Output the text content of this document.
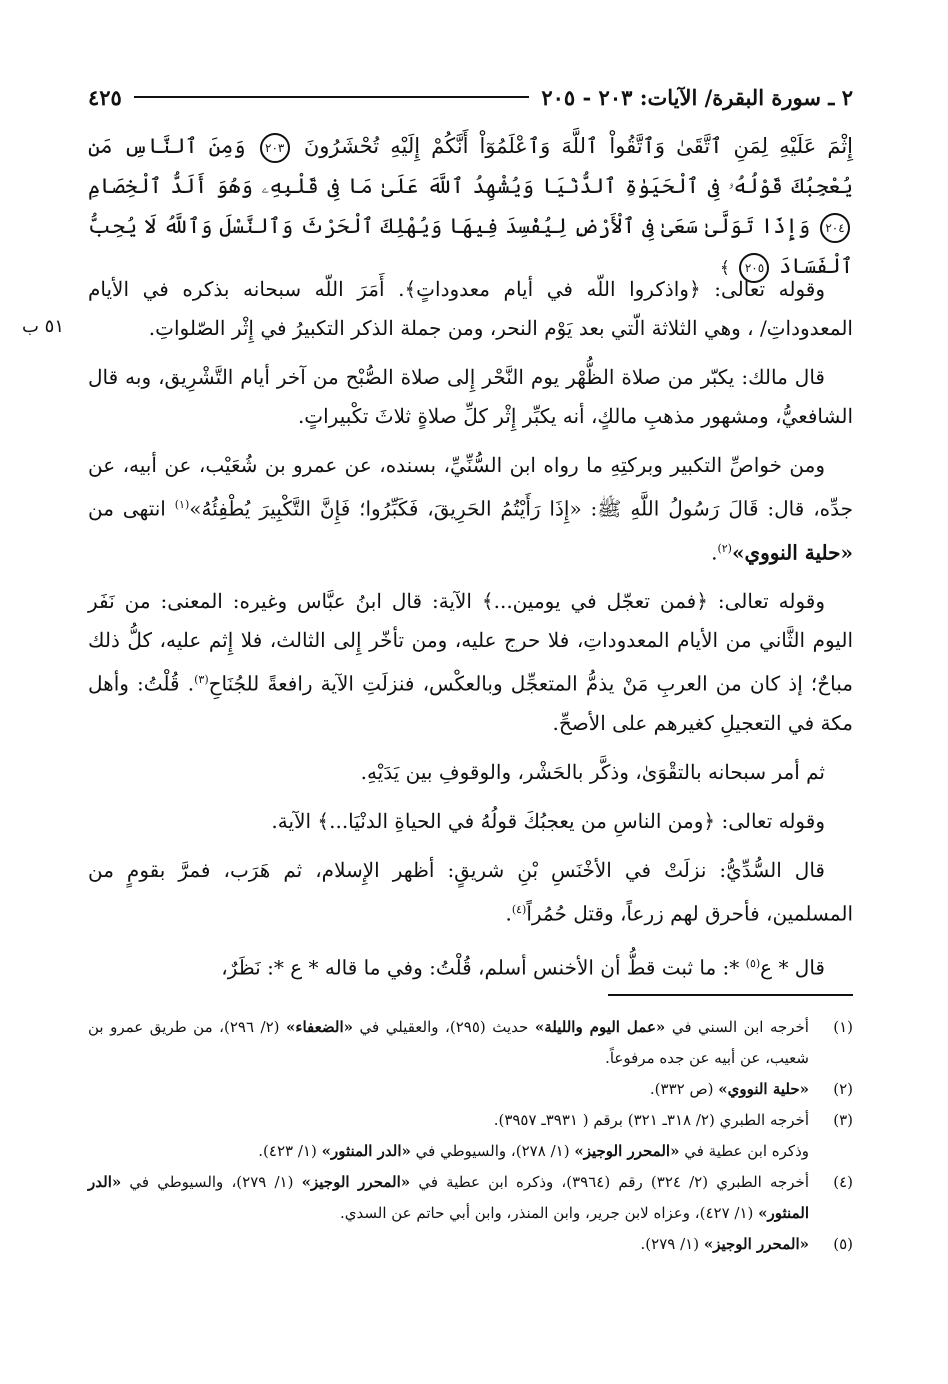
٢ ـ سورة البقرة/ الآيات: ٢٠٣ - ٢٠٥
٤٢٥
٥١ ب
إِثْمَ عَلَيْهِ لِمَنِ ٱتَّقَىٰ وَٱتَّقُواْ ٱللَّهَ وَٱعْلَمُوٓاْ أَنَّكُمْ إِلَيْهِ تُحْشَرُونَ ٢٠٣ وَمِنَ ٱلنَّاسِ مَن يُعْجِبُكَ قَوْلُهُۥ فِى ٱلْحَيَوٰةِ ٱلدُّنْيَا وَيُشْهِدُ ٱللَّهَ عَلَىٰ مَا فِى قَلْبِهِۦ وَهُوَ أَلَدُّ ٱلْخِصَامِ ٢٠٤ وَإِذَا تَوَلَّىٰ سَعَىٰ فِى ٱلْأَرْضِ لِيُفْسِدَ فِيهَا وَيُهْلِكَ ٱلْحَرْثَ وَٱلنَّسْلَ وَٱللَّهُ لَا يُحِبُّ ٱلْفَسَادَ ٢٠٥ ﴾

وقوله تعالى: ﴿واذكروا اللّه في أيام معدوداتٍ﴾. أَمَرَ اللّه سبحانه بذكره في الأيام المعدوداتِ/ ، وهي الثلاثة الّتي بعد يَوْم النحر، ومن جملة الذكر التكبيرُ في إِثْر الصّلواتِ.

قال مالك: يكبّر من صلاة الظُّهْر يوم النَّحْر إِلى صلاة الصُّبْح من آخر أيام التَّشْرِيق، وبه قال الشافعيُّ، ومشهور مذهبِ مالكٍ، أنه يكبِّر إِثْر كلِّ صلاةٍ ثلاثَ تكْبيراتٍ.

ومن خواصِّ التكبير وبركتِهِ ما رواه ابن السُّنِّيِّ، بسنده، عن عمرو بن شُعَيْب، عن أبيه، عن جدِّه، قال: قَالَ رَسُولُ اللَّهِ ﷺ: «إِذَا رَأَيْتُمُ الحَرِيقَ، فَكَبِّرُوا؛ فَإِنَّ التَّكْبِيرَ يُطْفِئُهُ»$^{(١)}$ انتهى من «حلية النووي»$^{(٢)}$.

وقوله تعالى: ﴿فمن تعجّل في يومين...﴾ الآية: قال ابنُ عبَّاس وغيره: المعنى: من نَفَر اليوم الثَّاني من الأيام المعدوداتِ، فلا حرج عليه، ومن تأخّر إِلى الثالث، فلا إِثم عليه، كلُّ ذلك مباحٌ؛ إذ كان من العربِ مَنْ يذمُّ المتعجِّل وبالعكْس، فنزلَتِ الآية رافعةً للجُنَاحِ$^{(٣)}$. قُلْتُ: وأهل مكة في التعجيلِ كغيرهم على الأصحِّ.

ثم أمر سبحانه بالتقْوَىٰ، وذكَّر بالحَشْر، والوقوفِ بين يَدَيْهِ.

وقوله تعالى: ﴿ومن الناسِ من يعجبُكَ قولُهُ في الحياةِ الدنْيَا...﴾ الآية.

قال السُّدِّيُّ: نزلَتْ في الأخْنَسِ بْنِ شريقٍ: أظهر الإِسلام، ثم هَرَب، فمرَّ بقومٍ من المسلمين، فأحرق لهم زرعاً، وقتل حُمُراً$^{(٤)}$.

قال * ع$^{(٥)}$ *: ما ثبت قطُّ أن الأخنس أسلم، قُلْتُ: وفي ما قاله * ع *: نَظَرٌ،

(١)
أخرجه ابن السني في «عمل اليوم والليلة» حديث (٢٩٥)، والعقيلي في «الضعفاء» (٢/ ٢٩٦)، من طريق عمرو بن شعيب، عن أبيه عن جده مرفوعاً.
(٢)
«حلية النووي» (ص ٣٣٢).
(٣)
أخرجه الطبري (٢/ ٣١٨ـ ٣٢١) برقم ( ٣٩٣١ـ ٣٩٥٧).
وذكره ابن عطية في «المحرر الوجيز» (١/ ٢٧٨)، والسيوطي في «الدر المنثور» (١/ ٤٢٣).
(٤)
أخرجه الطبري (٢/ ٣٢٤) رقم (٣٩٦٤)، وذكره ابن عطية في «المحرر الوجيز» (١/ ٢٧٩)، والسيوطي في «الدر المنثور» (١/ ٤٢٧)، وعزاه لابن جرير، وابن المنذر، وابن أبي حاتم عن السدي.
(٥)
«المحرر الوجيز» (١/ ٢٧٩).
